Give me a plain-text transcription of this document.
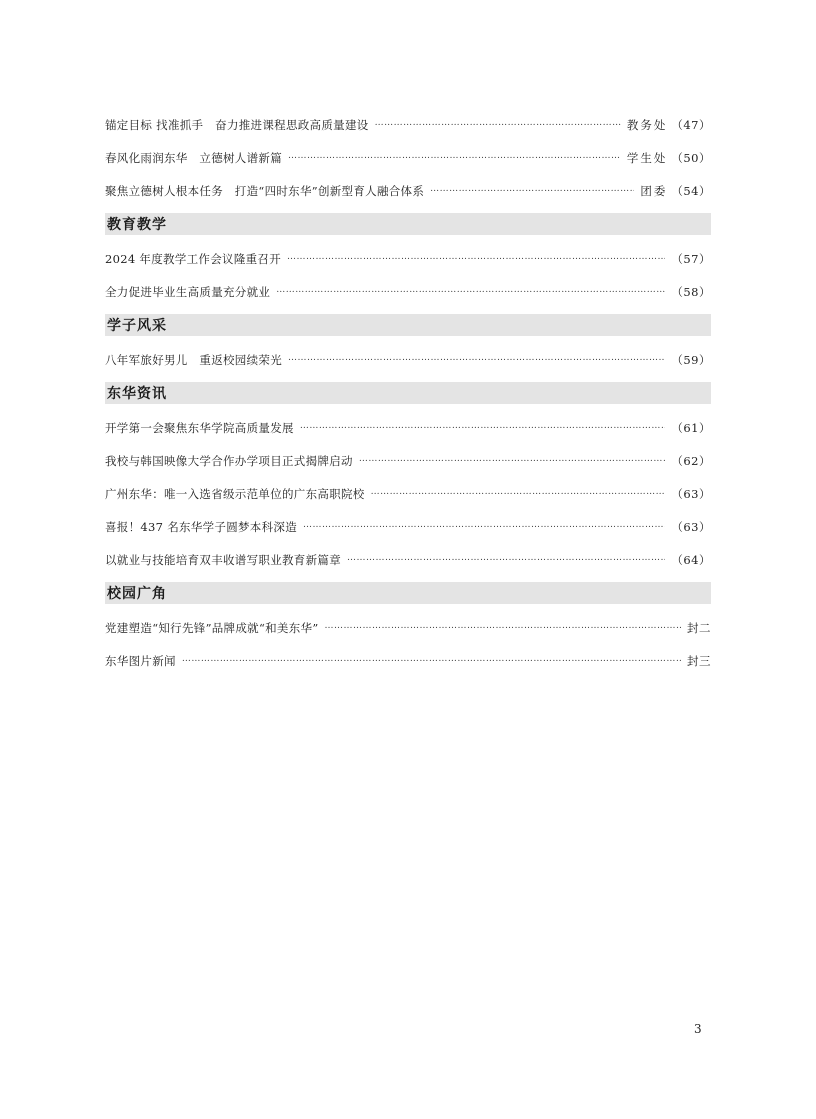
锚定目标 找准抓手　奋力推进课程思政高质量建设 …………………………………………………………………………………………………………………………………………………………………………………………	教务处 （47）
春风化雨润东华　立德树人谱新篇 …………………………………………………………………………………………………………………………………………………………………………………………	学生处 （50）
聚焦立德树人根本任务　打造“四时东华”创新型育人融合体系 …………………………………………………………………………………………………………………………………………………………………………………………	团委 （54）
教育教学
2024 年度教学工作会议隆重召开 …………………………………………………………………………………………………………………………………………………………………………………………	（57）
全力促进毕业生高质量充分就业 …………………………………………………………………………………………………………………………………………………………………………………………	（58）
学子风采
八年军旅好男儿　重返校园续荣光 …………………………………………………………………………………………………………………………………………………………………………………………	（59）
东华资讯
开学第一会聚焦东华学院高质量发展 …………………………………………………………………………………………………………………………………………………………………………………………	（61）
我校与韩国映像大学合作办学项目正式揭牌启动 …………………………………………………………………………………………………………………………………………………………………………………………	（62）
广州东华：唯一入选省级示范单位的广东高职院校 …………………………………………………………………………………………………………………………………………………………………………………………	（63）
喜报！437 名东华学子圆梦本科深造 …………………………………………………………………………………………………………………………………………………………………………………………	（63）
以就业与技能培育双丰收谱写职业教育新篇章 …………………………………………………………………………………………………………………………………………………………………………………………	（64）
校园广角
党建塑造“知行先锋”品牌成就“和美东华” …………………………………………………………………………………………………………………………………………………………………………………………	封二
东华图片新闻 …………………………………………………………………………………………………………………………………………………………………………………………	封三
3
